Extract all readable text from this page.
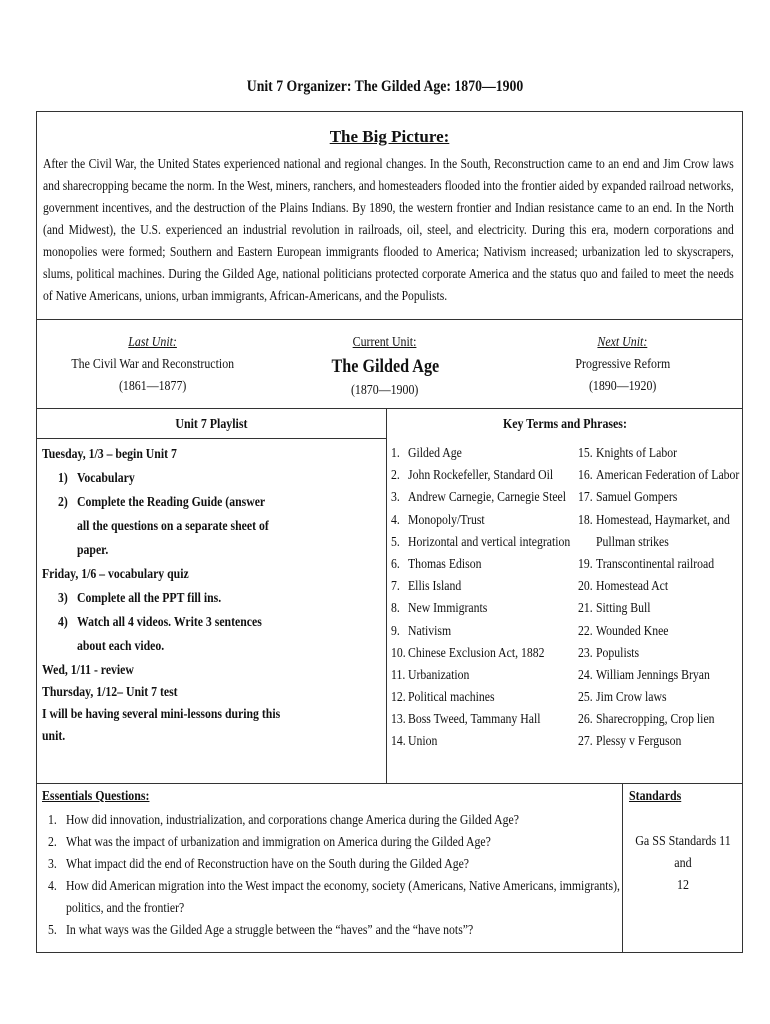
Unit 7 Organizer: The Gilded Age: 1870—1900
The Big Picture:
After the Civil War, the United States experienced national and regional changes. In the South, Reconstruction came to an end and Jim Crow laws and sharecropping became the norm. In the West, miners, ranchers, and homesteaders flooded into the frontier aided by expanded railroad networks, government incentives, and the destruction of the Plains Indians. By 1890, the western frontier and Indian resistance came to an end. In the North (and Midwest), the U.S. experienced an industrial revolution in railroads, oil, steel, and electricity. During this era, modern corporations and monopolies were formed; Southern and Eastern European immigrants flooded to America; Nativism increased; urbanization led to skyscrapers, slums, political machines. During the Gilded Age, national politicians protected corporate America and the status quo and failed to meet the needs of Native Americans, unions, urban immigrants, African-Americans, and the Populists.
Last Unit:
The Civil War and Reconstruction
(1861—1877)
Current Unit:
The Gilded Age
(1870—1900)
Next Unit:
Progressive Reform
(1890—1920)
Unit 7 Playlist	Key Terms and Phrases:
Tuesday, 1/3 – begin Unit 7
1) Vocabulary
2) Complete the Reading Guide (answer
all the questions on a separate sheet of
paper.
Friday, 1/6 – vocabulary quiz
3) Complete all the PPT fill ins.
4) Watch all 4 videos. Write 3 sentences
about each video.
Wed, 1/11 - review
Thursday, 1/12– Unit 7 test
I will be having several mini-lessons during this
unit.
1. Gilded Age
2. John Rockefeller, Standard Oil
3. Andrew Carnegie, Carnegie Steel
4. Monopoly/Trust
5. Horizontal and vertical integration
6. Thomas Edison
7. Ellis Island
8. New Immigrants
9. Nativism
10. Chinese Exclusion Act, 1882
11. Urbanization
12. Political machines
13. Boss Tweed, Tammany Hall
14. Union
15. Knights of Labor
16. American Federation of Labor
17. Samuel Gompers
18. Homestead, Haymarket, and
Pullman strikes
19. Transcontinental railroad
20. Homestead Act
21. Sitting Bull
22. Wounded Knee
23. Populists
24. William Jennings Bryan
25. Jim Crow laws
26. Sharecropping, Crop lien
27. Plessy v Ferguson
Essentials Questions:
1. How did innovation, industrialization, and corporations change America during the Gilded Age?
2. What was the impact of urbanization and immigration on America during the Gilded Age?
3. What impact did the end of Reconstruction have on the South during the Gilded Age?
4. How did American migration into the West impact the economy, society (Americans, Native Americans, immigrants),
politics, and the frontier?
5. In what ways was the Gilded Age a struggle between the “haves” and the “have nots”?
Standards
Ga SS Standards 11 and
12
